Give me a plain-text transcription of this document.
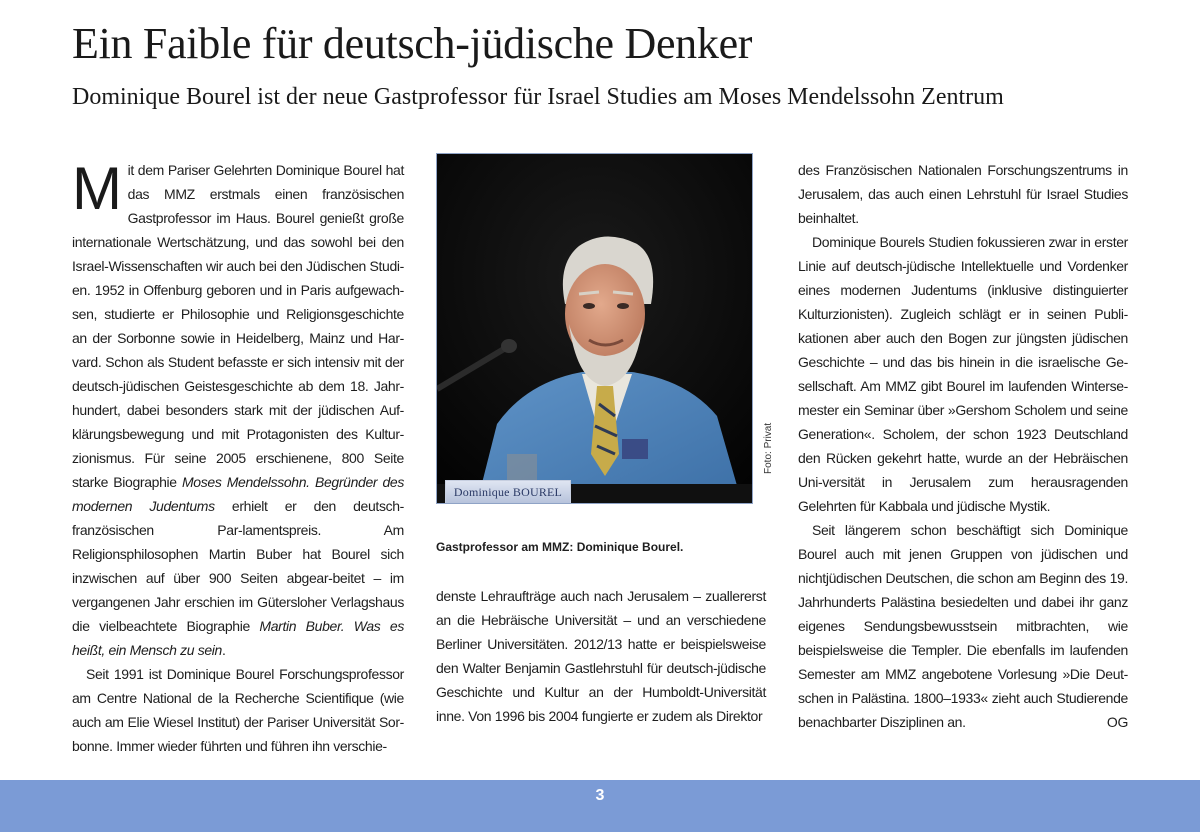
Ein Faible für deutsch-jüdische Denker
Dominique Bourel ist der neue Gastprofessor für Israel Studies am Moses Mendelssohn Zentrum

Mit dem Pariser Gelehrten Dominique Bourel hat das MMZ erstmals einen französischen Gastprofessor im Haus. Bourel genießt große internationale Wertschätzung, und das sowohl bei den Israel-Wissenschaften wir auch bei den Jüdischen Studi-en. 1952 in Offenburg geboren und in Paris aufgewach-sen, studierte er Philosophie und Religionsgeschichte an der Sorbonne sowie in Heidelberg, Mainz und Har-vard. Schon als Student befasste er sich intensiv mit der deutsch-jüdischen Geistesgeschichte ab dem 18. Jahr-hundert, dabei besonders stark mit der jüdischen Auf-klärungsbewegung und mit Protagonisten des Kultur-zionismus. Für seine 2005 erschienene, 800 Seite starke Biographie Moses Mendelssohn. Begründer des modernen Judentums erhielt er den deutsch-französischen Par-lamentspreis. Am Religionsphilosophen Martin Buber hat Bourel sich inzwischen auf über 900 Seiten abgear-beitet – im vergangenen Jahr erschien im Gütersloher Verlagshaus die vielbeachtete Biographie Martin Buber. Was es heißt, ein Mensch zu sein.

Seit 1991 ist Dominique Bourel Forschungsprofessor am Centre National de la Recherche Scientifique (wie auch am Elie Wiesel Institut) der Pariser Universität Sor-bonne. Immer wieder führten und führen ihn verschie-

Dominique BOUREL
Foto: Privat

Gastprofessor am MMZ: Dominique Bourel.

denste Lehraufträge auch nach Jerusalem – zuallererst an die Hebräische Universität – und an verschiedene Berliner Universitäten. 2012/13 hatte er beispielsweise den Walter Benjamin Gastlehrstuhl für deutsch-jüdische Geschichte und Kultur an der Humboldt-Universität inne. Von 1996 bis 2004 fungierte er zudem als Direktor

des Französischen Nationalen Forschungszentrums in Jerusalem, das auch einen Lehrstuhl für Israel Studies beinhaltet.

Dominique Bourels Studien fokussieren zwar in erster Linie auf deutsch-jüdische Intellektuelle und Vordenker eines modernen Judentums (inklusive distinguierter Kulturzionisten). Zugleich schlägt er in seinen Publi-kationen aber auch den Bogen zur jüngsten jüdischen Geschichte – und das bis hinein in die israelische Ge-sellschaft. Am MMZ gibt Bourel im laufenden Winterse-mester ein Seminar über »Gershom Scholem und seine Generation«. Scholem, der schon 1923 Deutschland den Rücken gekehrt hatte, wurde an der Hebräischen Uni-versität in Jerusalem zum herausragenden Gelehrten für Kabbala und jüdische Mystik.

Seit längerem schon beschäftigt sich Dominique Bourel auch mit jenen Gruppen von jüdischen und nichtjüdischen Deutschen, die schon am Beginn des 19. Jahrhunderts Palästina besiedelten und dabei ihr ganz eigenes Sendungsbewusstsein mitbrachten, wie beispielsweise die Templer. Die ebenfalls im laufenden Semester am MMZ angebotene Vorlesung »Die Deut-schen in Palästina. 1800–1933« zieht auch Studierende benachbarter Disziplinen an.	OG

3
